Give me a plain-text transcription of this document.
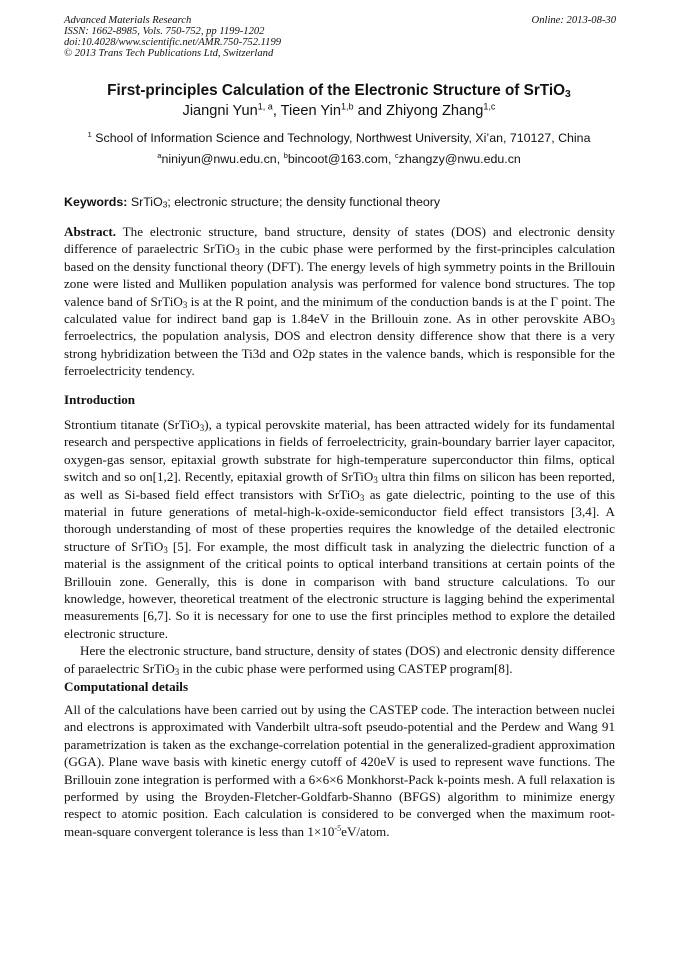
Advanced Materials Research
ISSN: 1662-8985, Vols. 750-752, pp 1199-1202
doi:10.4028/www.scientific.net/AMR.750-752.1199
© 2013 Trans Tech Publications Ltd, Switzerland
Online: 2013-08-30
First-principles Calculation of the Electronic Structure of SrTiO$_3$
Jiangni Yun$^{1, a}$, Tieen Yin$^{1,b}$ and Zhiyong Zhang$^{1,c}$
$^1$ School of Information Science and Technology, Northwest University, Xi’an, 710127, China
$^a$niniyun@nwu.edu.cn, $^b$bincoot@163.com, $^c$zhangzy@nwu.edu.cn
Keywords: SrTiO$_3$; electronic structure; the density functional theory

Abstract. The electronic structure, band structure, density of states (DOS) and electronic density difference of paraelectric SrTiO$_3$ in the cubic phase were performed by the first-principles calculation based on the density functional theory (DFT). The energy levels of high symmetry points in the Brillouin zone were listed and Mulliken population analysis was performed for valence bond structures. The top valence band of SrTiO$_3$ is at the R point, and the minimum of the conduction bands is at the Γ point. The calculated value for indirect band gap is 1.84eV in the Brillouin zone. As in other perovskite $ABO_3$ ferroelectrics, the population analysis, DOS and electron density difference show that there is a very strong hybridization between the Ti3d and O2p states in the valence bands, which is responsible for the ferroelectricity tendency.

Introduction

Strontium titanate (SrTiO$_3$), a typical perovskite material, has been attracted widely for its fundamental research and perspective applications in fields of ferroelectricity, grain-boundary barrier layer capacitor, oxygen-gas sensor, epitaxial growth substrate for high-temperature superconductor thin films, optical switch and so on[1,2]. Recently, epitaxial growth of SrTiO$_3$ ultra thin films on silicon has been reported, as well as Si-based field effect transistors with SrTiO$_3$ as gate dielectric, pointing to the use of this material in future generations of metal-high-k-oxide-semiconductor field effect transistors [3,4]. A thorough understanding of most of these properties requires the knowledge of the detailed electronic structure of SrTiO$_3$ [5]. For example, the most difficult task in analyzing the dielectric function of a material is the assignment of the critical points to optical interband transitions at certain points of the Brillouin zone. Generally, this is done in comparison with band structure calculations. To our knowledge, however, theoretical treatment of the electronic structure is lagging behind the experimental measurements [6,7]. So it is necessary for one to use the first principles method to explore the detailed electronic structure.

Here the electronic structure, band structure, density of states (DOS) and electronic density difference of paraelectric SrTiO$_3$ in the cubic phase were performed using CASTEP program[8].

Computational details

All of the calculations have been carried out by using the CASTEP code. The interaction between nuclei and electrons is approximated with Vanderbilt ultra-soft pseudo-potential and the Perdew and Wang 91 parametrization is taken as the exchange-correlation potential in the generalized-gradient approximation (GGA). Plane wave basis with kinetic energy cutoff of 420eV is used to represent wave functions. The Brillouin zone integration is performed with a 6×6×6 Monkhorst-Pack k-points mesh. A full relaxation is performed by using the Broyden-Fletcher-Goldfarb-Shanno (BFGS) algorithm to minimize energy respect to atomic position. Each calculation is considered to be converged when the maximum root-mean-square convergent tolerance is less than $1\times 10^{-5}eV$/atom.
